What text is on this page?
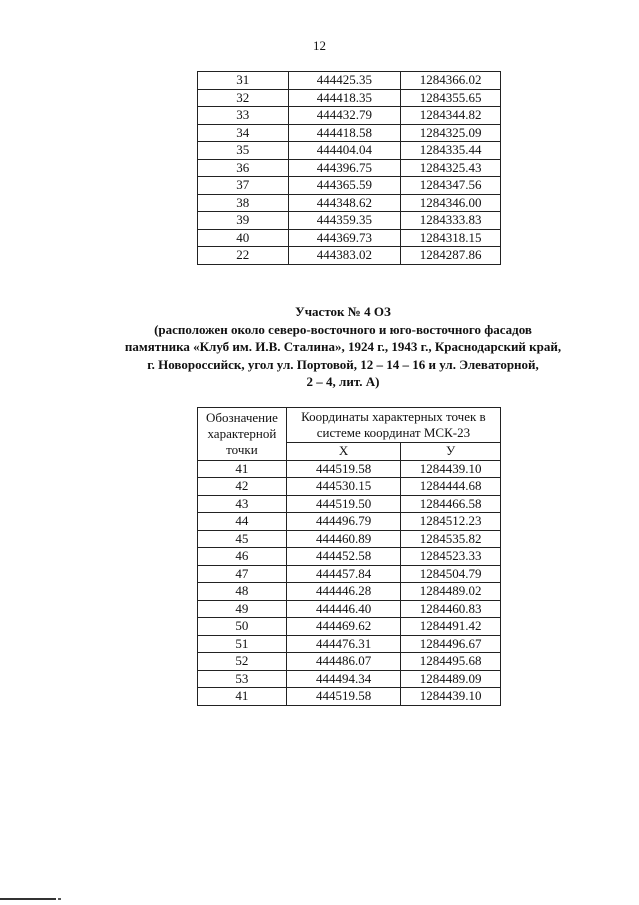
12
31	444425.35	1284366.02
32	444418.35	1284355.65
33	444432.79	1284344.82
34	444418.58	1284325.09
35	444404.04	1284335.44
36	444396.75	1284325.43
37	444365.59	1284347.56
38	444348.62	1284346.00
39	444359.35	1284333.83
40	444369.73	1284318.15
22	444383.02	1284287.86
Участок № 4 ОЗ
(расположен около северо-восточного и юго-восточного фасадов
памятника «Клуб им. И.В. Сталина», 1924 г., 1943 г., Краснодарский край,
г. Новороссийск, угол ул. Портовой, 12 – 14 – 16 и ул. Элеваторной,
2 – 4, лит. А)
Обозначение характерной точки	Координаты характерных точек в системе координат МСК-23	
	X	У
41	444519.58	1284439.10
42	444530.15	1284444.68
43	444519.50	1284466.58
44	444496.79	1284512.23
45	444460.89	1284535.82
46	444452.58	1284523.33
47	444457.84	1284504.79
48	444446.28	1284489.02
49	444446.40	1284460.83
50	444469.62	1284491.42
51	444476.31	1284496.67
52	444486.07	1284495.68
53	444494.34	1284489.09
41	444519.58	1284439.10
